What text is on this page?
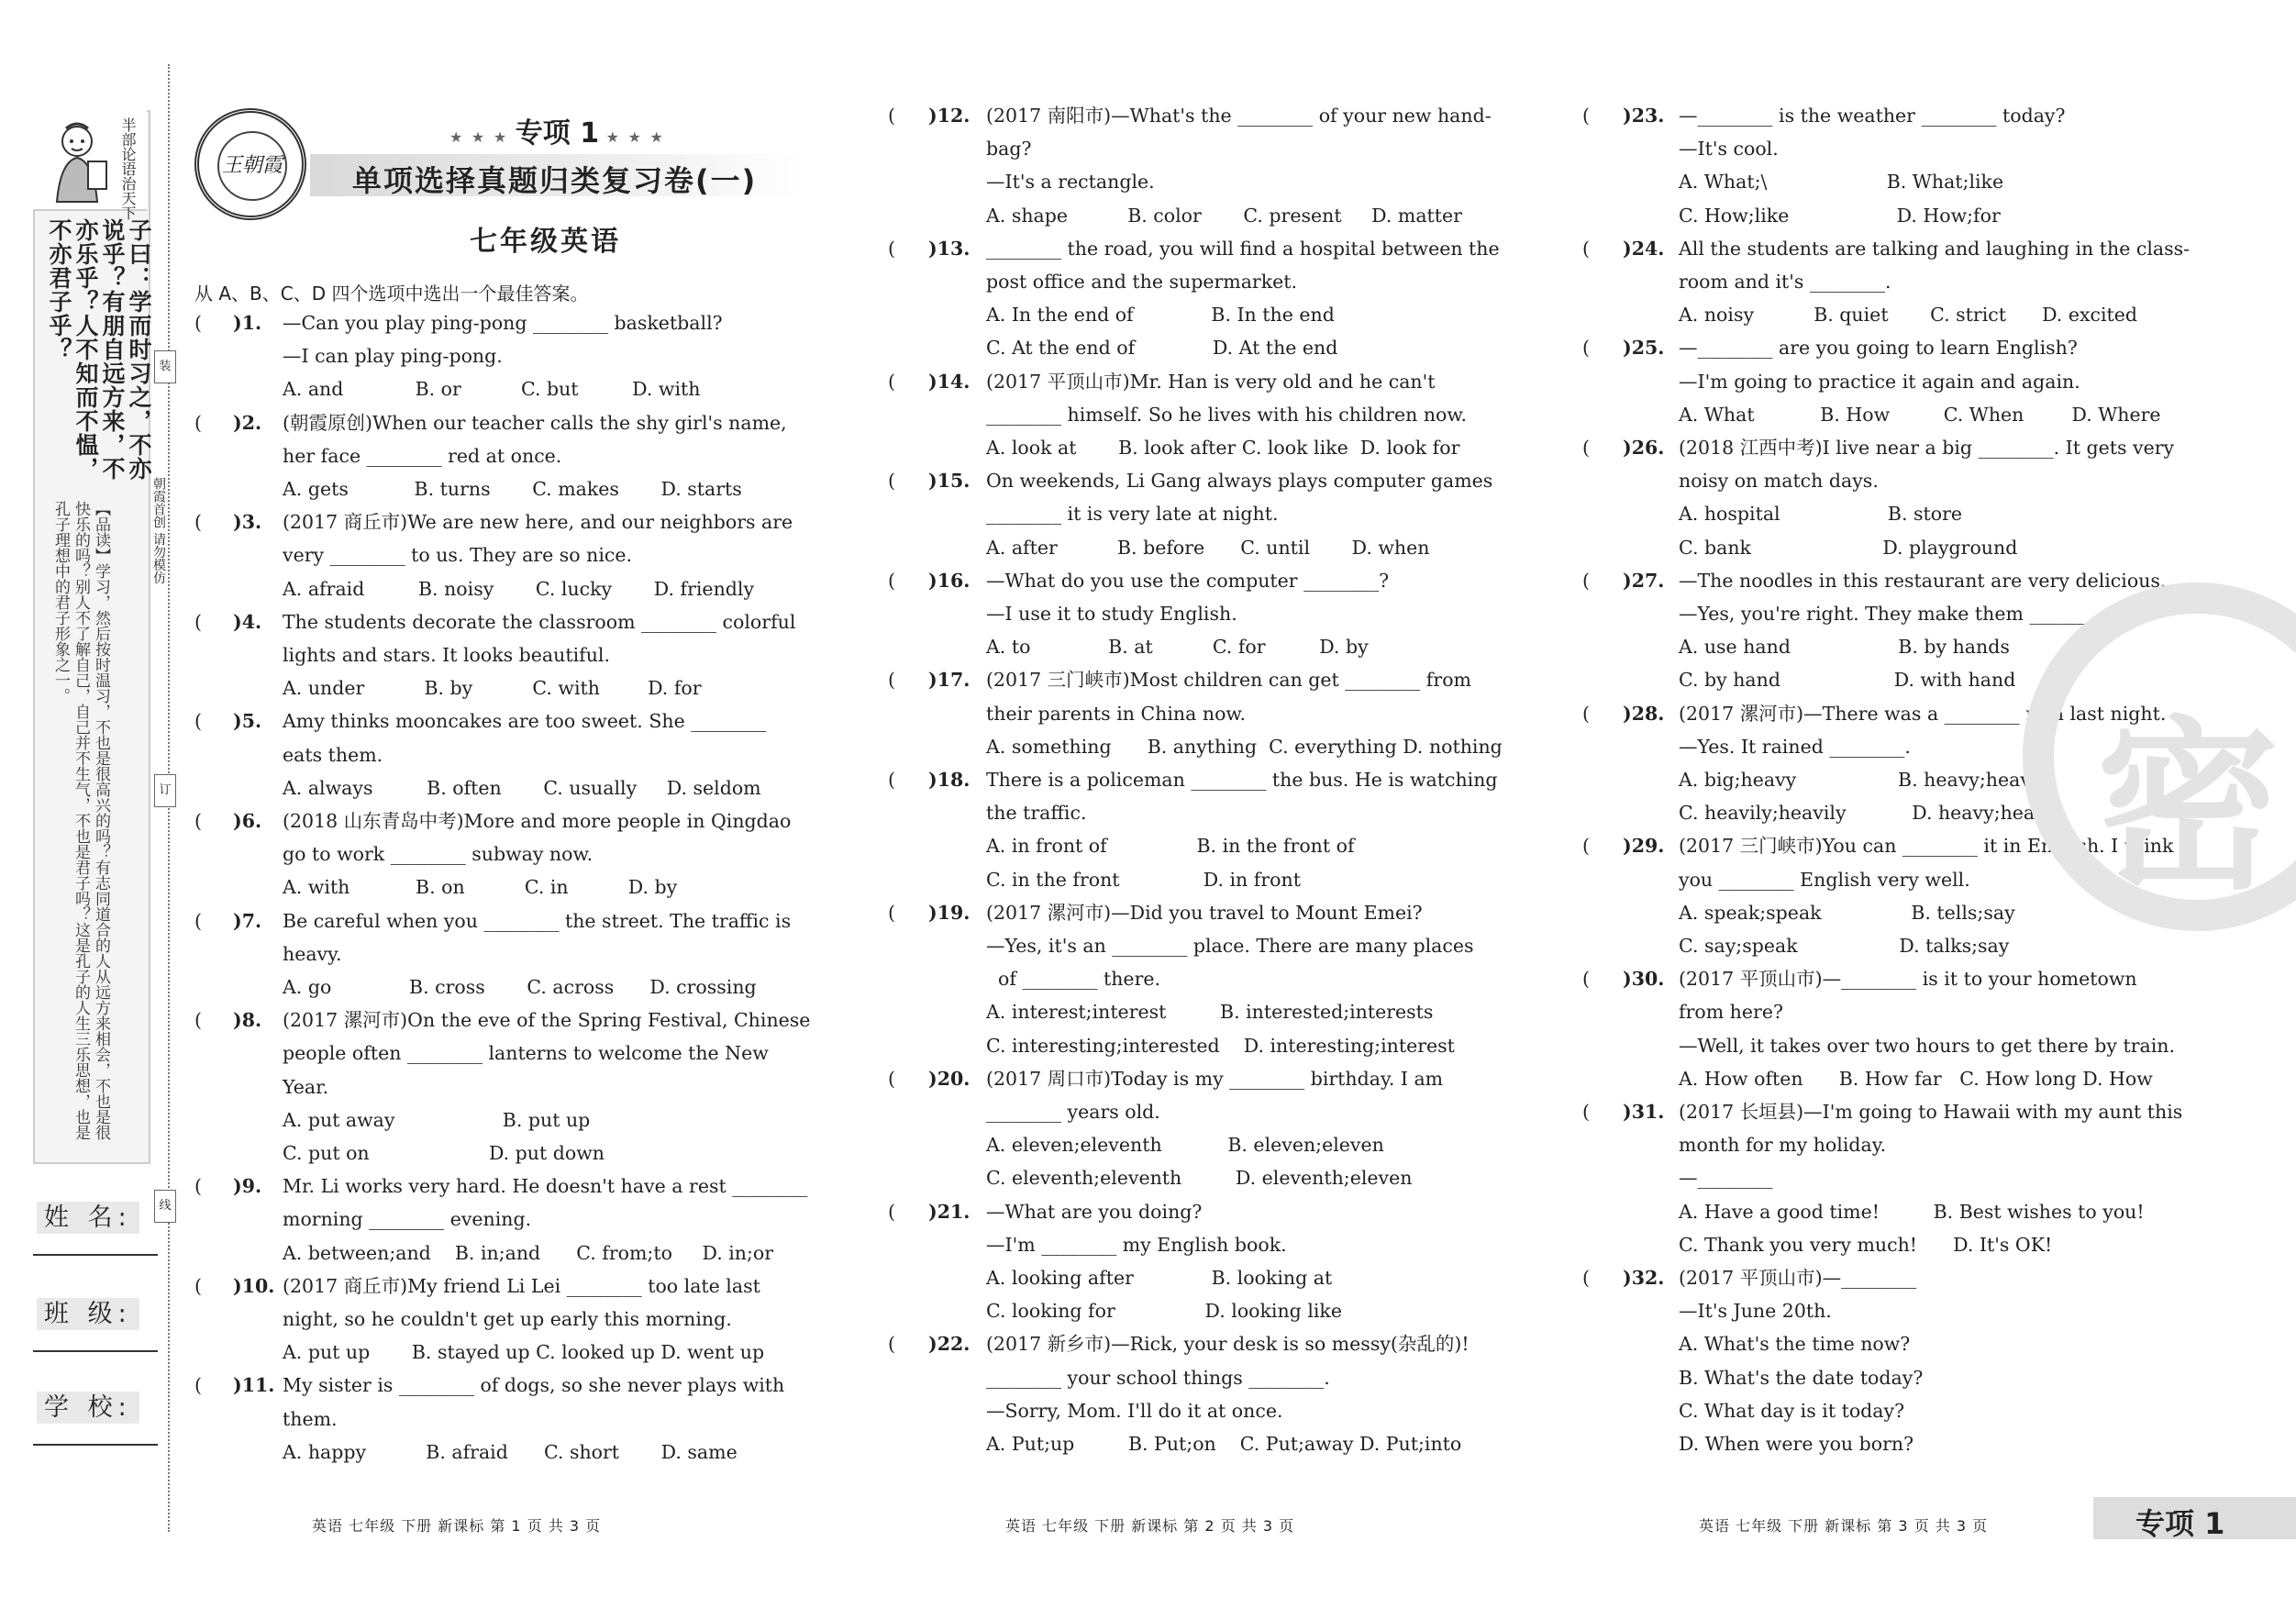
半部论语治天下
子曰：学而时习之，不亦说乎？有朋自远方来，不亦乐乎？人不知而不愠，不亦君子乎？
【品读】学习，然后按时温习，不也是很高兴的吗？有志同道合的人从远方来相会，不也是很快乐的吗？别人不了解自己，自己并不生气，不也是君子吗？这是孔子的人生三乐思想，也是孔子理想中的君子形象之一。
姓 名:
班 级:
学 校:
装
订
线
朝霞首创 请勿模仿
王朝霞
★ ★ ★ 专项 1 ★ ★ ★
单项选择真题归类复习卷(一)
七年级英语
从 A、B、C、D 四个选项中选出一个最佳答案。
( )1. —Can you play ping-pong ________ basketball?
—I can play ping-pong.
A. and            B. or          C. but         D. with
( )2. (朝霞原创)When our teacher calls the shy girl's name,
her face ________ red at once.
A. gets           B. turns       C. makes       D. starts
( )3. (2017 商丘市)We are new here, and our neighbors are
very ________ to us. They are so nice.
A. afraid         B. noisy       C. lucky       D. friendly
( )4. The students decorate the classroom ________ colorful
lights and stars. It looks beautiful.
A. under          B. by          C. with        D. for
( )5. Amy thinks mooncakes are too sweet. She ________
eats them.
A. always         B. often       C. usually     D. seldom
( )6. (2018 山东青岛中考)More and more people in Qingdao
go to work ________ subway now.
A. with           B. on          C. in          D. by
( )7. Be careful when you ________ the street. The traffic is
heavy.
A. go             B. cross       C. across      D. crossing
( )8. (2017 漯河市)On the eve of the Spring Festival, Chinese
people often ________ lanterns to welcome the New
Year.
A. put away                  B. put up
C. put on                    D. put down
( )9. Mr. Li works very hard. He doesn't have a rest ________
morning ________ evening.
A. between;and    B. in;and      C. from;to     D. in;or
( )10. (2017 商丘市)My friend Li Lei ________ too late last
night, so he couldn't get up early this morning.
A. put up       B. stayed up C. looked up D. went up
( )11. My sister is ________ of dogs, so she never plays with
them.
A. happy          B. afraid      C. short       D. same
( )12. (2017 南阳市)—What's the ________ of your new hand-
bag?
—It's a rectangle.
A. shape          B. color       C. present     D. matter
( )13. ________ the road, you will find a hospital between the
post office and the supermarket.
A. In the end of             B. In the end
C. At the end of             D. At the end
( )14. (2017 平顶山市)Mr. Han is very old and he can't
________ himself. So he lives with his children now.
A. look at       B. look after C. look like  D. look for
( )15. On weekends, Li Gang always plays computer games
________ it is very late at night.
A. after          B. before      C. until       D. when
( )16. —What do you use the computer ________?
—I use it to study English.
A. to             B. at          C. for         D. by
( )17. (2017 三门峡市)Most children can get ________ from
their parents in China now.
A. something      B. anything  C. everything D. nothing
( )18. There is a policeman ________ the bus. He is watching
the traffic.
A. in front of               B. in the front of
C. in the front              D. in front
( )19. (2017 漯河市)—Did you travel to Mount Emei?
—Yes, it's an ________ place. There are many places
of ________ there.
A. interest;interest         B. interested;interests
C. interesting;interested    D. interesting;interest
( )20. (2017 周口市)Today is my ________ birthday. I am
________ years old.
A. eleven;eleventh           B. eleven;eleven
C. eleventh;eleventh         D. eleventh;eleven
( )21. —What are you doing?
—I'm ________ my English book.
A. looking after             B. looking at
C. looking for               D. looking like
( )22. (2017 新乡市)—Rick, your desk is so messy(杂乱的)!
________ your school things ________.
—Sorry, Mom. I'll do it at once.
A. Put;up         B. Put;on    C. Put;away D. Put;into
( )23. —________ is the weather ________ today?
—It's cool.
A. What;\                    B. What;like
C. How;like                  D. How;for
( )24. All the students are talking and laughing in the class-
room and it's ________.
A. noisy          B. quiet       C. strict      D. excited
( )25. —________ are you going to learn English?
—I'm going to practice it again and again.
A. What           B. How         C. When        D. Where
( )26. (2018 江西中考)I live near a big ________. It gets very
noisy on match days.
A. hospital                  B. store
C. bank                      D. playground
( )27. —The noodles in this restaurant are very delicious.
—Yes, you're right. They make them ________.
A. use hand                  B. by hands
C. by hand                   D. with hand
( )28. (2017 漯河市)—There was a ________ rain last night.
—Yes. It rained ________.
A. big;heavy                 B. heavy;heavily
C. heavily;heavily           D. heavy;heavy
( )29. (2017 三门峡市)You can ________ it in English. I think
you ________ English very well.
A. speak;speak               B. tells;say
C. say;speak                 D. talks;say
( )30. (2017 平顶山市)—________ is it to your hometown
from here?
—Well, it takes over two hours to get there by train.
A. How often      B. How far   C. How long D. How
( )31. (2017 长垣县)—I'm going to Hawaii with my aunt this
month for my holiday.
—________
A. Have a good time!         B. Best wishes to you!
C. Thank you very much!      D. It's OK!
( )32. (2017 平顶山市)—________
—It's June 20th.
A. What's the time now?
B. What's the date today?
C. What day is it today?
D. When were you born?
密
英语 七年级 下册 新课标 第 1 页 共 3 页	英语 七年级 下册 新课标 第 2 页 共 3 页	英语 七年级 下册 新课标 第 3 页 共 3 页	专项 1
